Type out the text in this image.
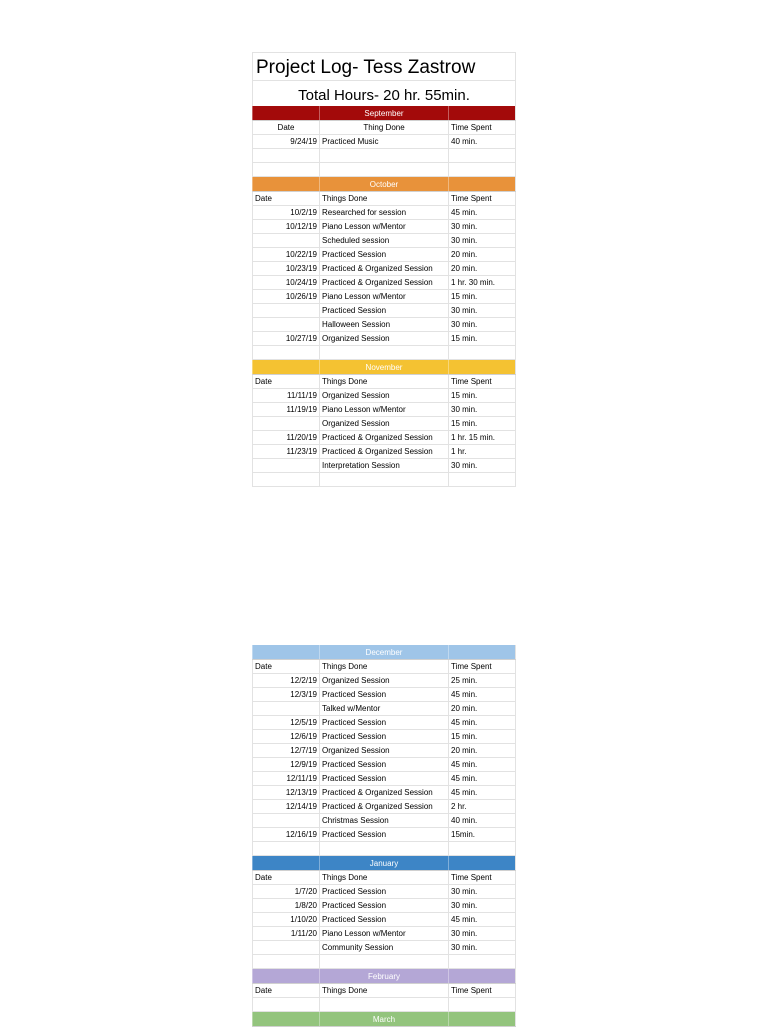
Project Log- Tess Zastrow
Total Hours- 20 hr. 55min.
September
Date	Thing Done	Time Spent
9/24/19 Practiced Music	40 min.
October
Date	Things Done	Time Spent
10/2/19 Researched for session	45 min.
10/12/19 Piano Lesson w/Mentor	30 min.
Scheduled session	30 min.
10/22/19 Practiced Session	20 min.
10/23/19 Practiced & Organized Session	20 min.
10/24/19 Practiced & Organized Session	1 hr. 30 min.
10/26/19 Piano Lesson w/Mentor	15 min.
Practiced Session	30 min.
Halloween Session	30 min.
10/27/19 Organized Session	15 min.
November
Date	Things Done	Time Spent
11/11/19 Organized Session	15 min.
11/19/19 Piano Lesson w/Mentor	30 min.
Organized Session	15 min.
11/20/19 Practiced & Organized Session	1 hr. 15 min.
11/23/19 Practiced & Organized Session	1 hr.
Interpretation Session	30 min.
December
Date	Things Done	Time Spent
12/2/19 Organized Session	25 min.
12/3/19 Practiced Session	45 min.
Talked w/Mentor	20 min.
12/5/19 Practiced Session	45 min.
12/6/19 Practiced Session	15 min.
12/7/19 Organized Session	20 min.
12/9/19 Practiced Session	45 min.
12/11/19 Practiced Session	45 min.
12/13/19 Practiced & Organized Session	45 min.
12/14/19 Practiced & Organized Session	2 hr.
Christmas Session	40 min.
12/16/19 Practiced Session	15min.
January
Date	Things Done	Time Spent
1/7/20 Practiced Session	30 min.
1/8/20 Practiced Session	30 min.
1/10/20 Practiced Session	45 min.
1/11/20 Piano Lesson w/Mentor	30 min.
Community Session	30 min.
February
Date	Things Done	Time Spent
March
